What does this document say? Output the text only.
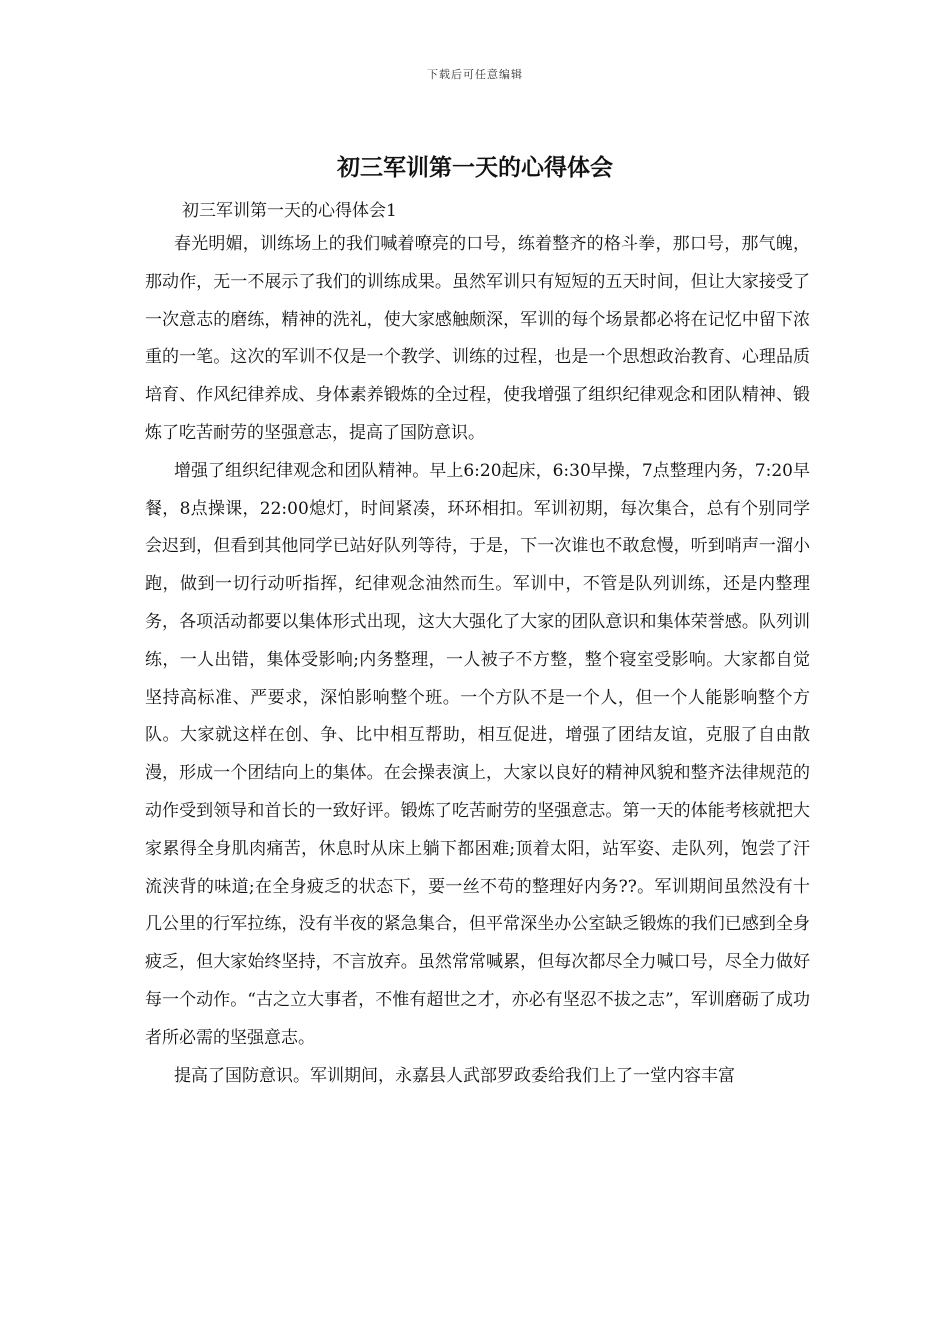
下载后可任意编辑
初三军训第一天的心得体会

初三军训第一天的心得体会1

春光明媚，训练场上的我们喊着嘹亮的口号，练着整齐的格斗拳，那口号，那气魄，那动作，无一不展示了我们的训练成果。虽然军训只有短短的五天时间，但让大家接受了一次意志的磨练，精神的洗礼，使大家感触颇深，军训的每个场景都必将在记忆中留下浓重的一笔。这次的军训不仅是一个教学、训练的过程，也是一个思想政治教育、心理品质培育、作风纪律养成、身体素养锻炼的全过程，使我增强了组织纪律观念和团队精神、锻炼了吃苦耐劳的坚强意志，提高了国防意识。

增强了组织纪律观念和团队精神。早上6:20起床，6:30早操，7点整理内务，7:20早餐，8点操课，22:00熄灯，时间紧凑，环环相扣。军训初期，每次集合，总有个别同学会迟到，但看到其他同学已站好队列等待，于是，下一次谁也不敢怠慢，听到哨声一溜小跑，做到一切行动听指挥，纪律观念油然而生。军训中，不管是队列训练，还是内整理务，各项活动都要以集体形式出现，这大大强化了大家的团队意识和集体荣誉感。队列训练，一人出错，集体受影响;内务整理，一人被子不方整，整个寝室受影响。大家都自觉坚持高标准、严要求，深怕影响整个班。一个方队不是一个人，但一个人能影响整个方队。大家就这样在创、争、比中相互帮助，相互促进，增强了团结友谊，克服了自由散漫，形成一个团结向上的集体。在会操表演上，大家以良好的精神风貌和整齐法律规范的动作受到领导和首长的一致好评。锻炼了吃苦耐劳的坚强意志。第一天的体能考核就把大家累得全身肌肉痛苦，休息时从床上躺下都困难;顶着太阳，站军姿、走队列，饱尝了汗流浃背的味道;在全身疲乏的状态下，要一丝不苟的整理好内务??。军训期间虽然没有十几公里的行军拉练，没有半夜的紧急集合，但平常深坐办公室缺乏锻炼的我们已感到全身疲乏，但大家始终坚持，不言放弃。虽然常常喊累，但每次都尽全力喊口号，尽全力做好每一个动作。“古之立大事者，不惟有超世之才，亦必有坚忍不拔之志”，军训磨砺了成功者所必需的坚强意志。

提高了国防意识。军训期间，永嘉县人武部罗政委给我们上了一堂内容丰富
